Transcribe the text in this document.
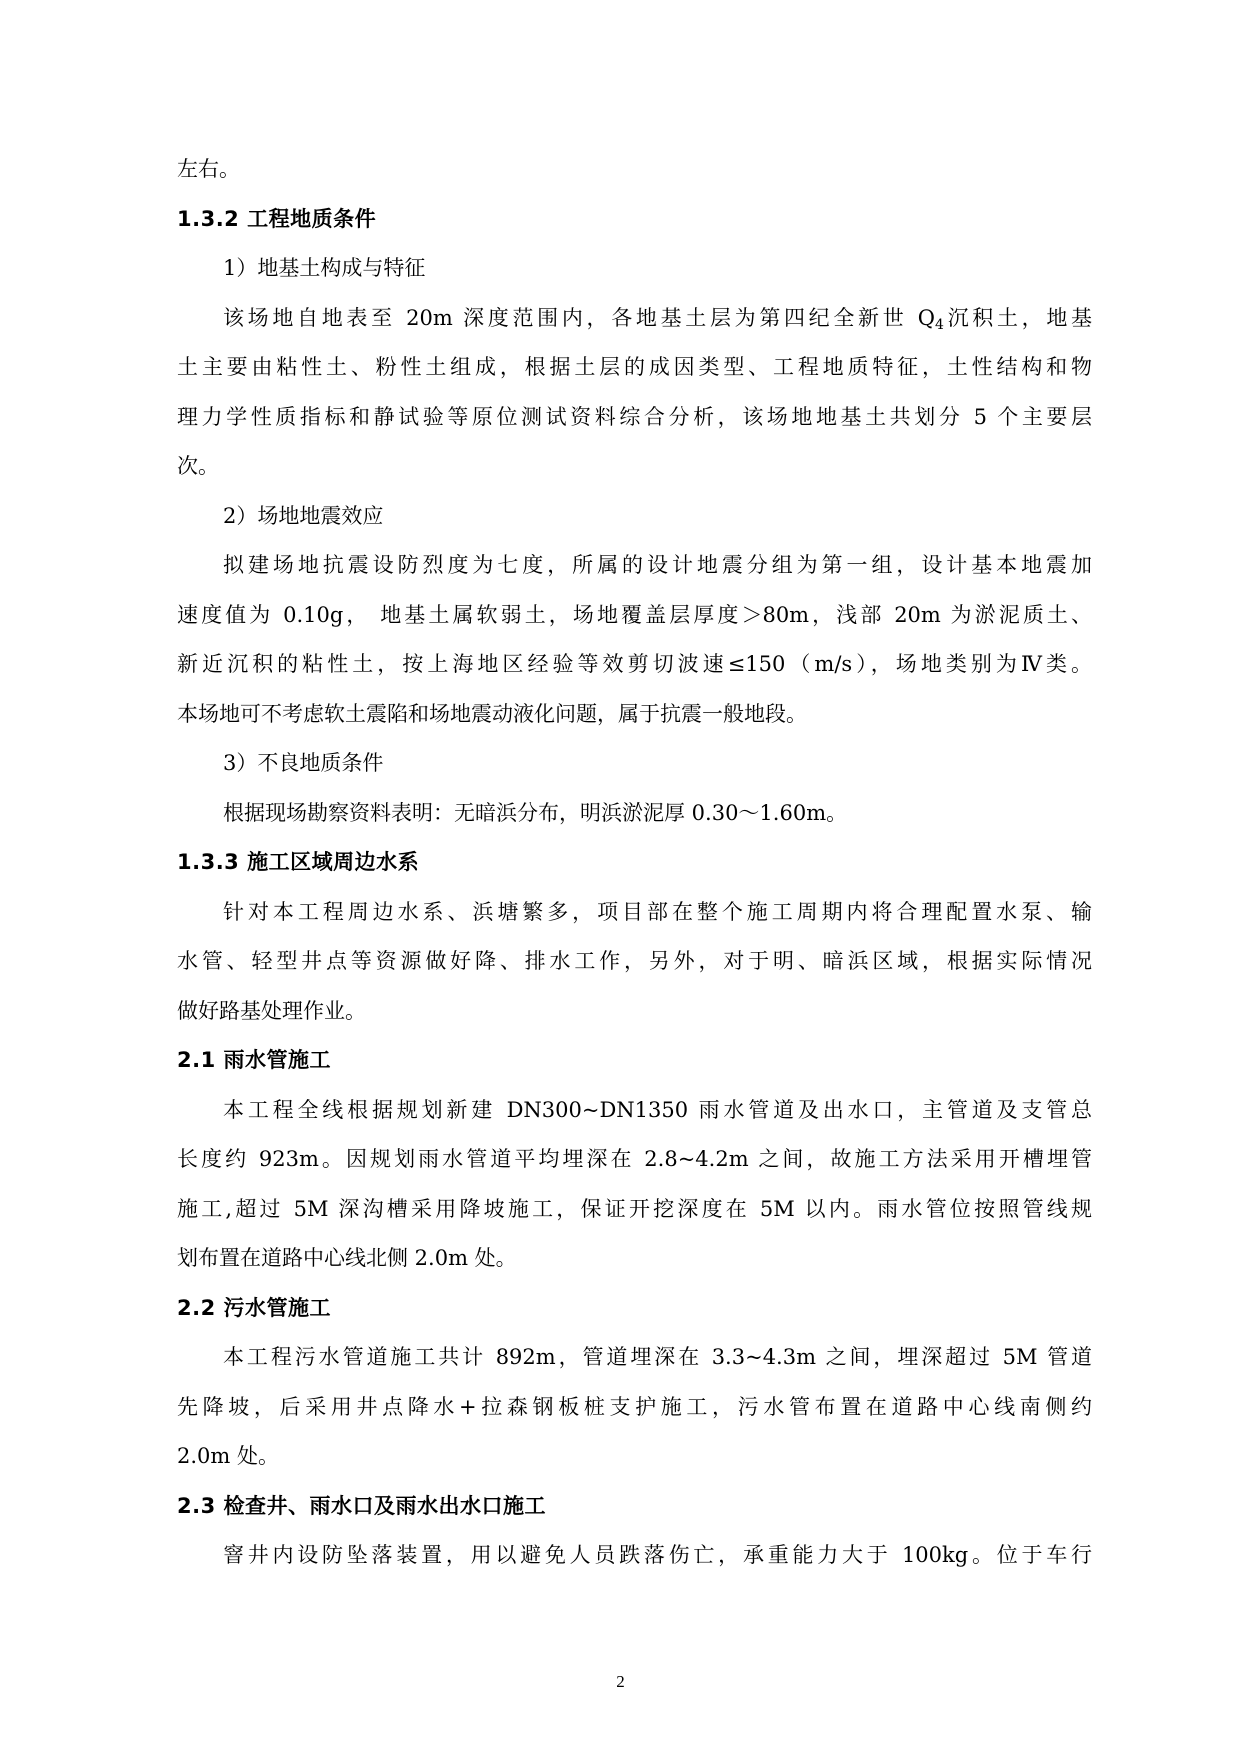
左右。
1.3.2 工程地质条件
1）地基土构成与特征
该场地自地表至 20m 深度范围内，各地基土层为第四纪全新世 $Q_4$沉积土，地基
土主要由粘性土、粉性土组成，根据土层的成因类型、工程地质特征，土性结构和物
理力学性质指标和静试验等原位测试资料综合分析，该场地地基土共划分 5 个主要层
次。
2）场地地震效应
拟建场地抗震设防烈度为七度，所属的设计地震分组为第一组，设计基本地震加
速度值为 0.10g， 地基土属软弱土，场地覆盖层厚度＞80m，浅部 20m 为淤泥质土、
新近沉积的粘性土，按上海地区经验等效剪切波速≤150（m/s），场地类别为Ⅳ类。
本场地可不考虑软土震陷和场地震动液化问题，属于抗震一般地段。
3）不良地质条件
根据现场勘察资料表明：无暗浜分布，明浜淤泥厚 0.30～1.60m。
1.3.3 施工区域周边水系
针对本工程周边水系、浜塘繁多，项目部在整个施工周期内将合理配置水泵、输
水管、轻型井点等资源做好降、排水工作，另外，对于明、暗浜区域，根据实际情况
做好路基处理作业。
2.1 雨水管施工
本工程全线根据规划新建 DN300~DN1350 雨水管道及出水口，主管道及支管总
长度约 923m。因规划雨水管道平均埋深在 2.8~4.2m 之间，故施工方法采用开槽埋管
施工,超过 5M 深沟槽采用降坡施工，保证开挖深度在 5M 以内。雨水管位按照管线规
划布置在道路中心线北侧 2.0m 处。
2.2 污水管施工
本工程污水管道施工共计 892m，管道埋深在 3.3~4.3m 之间，埋深超过 5M 管道
先降坡，后采用井点降水+拉森钢板桩支护施工，污水管布置在道路中心线南侧约
2.0m 处。
2.3 检查井、雨水口及雨水出水口施工
窨井内设防坠落装置，用以避免人员跌落伤亡，承重能力大于 100kg。位于车行
2
